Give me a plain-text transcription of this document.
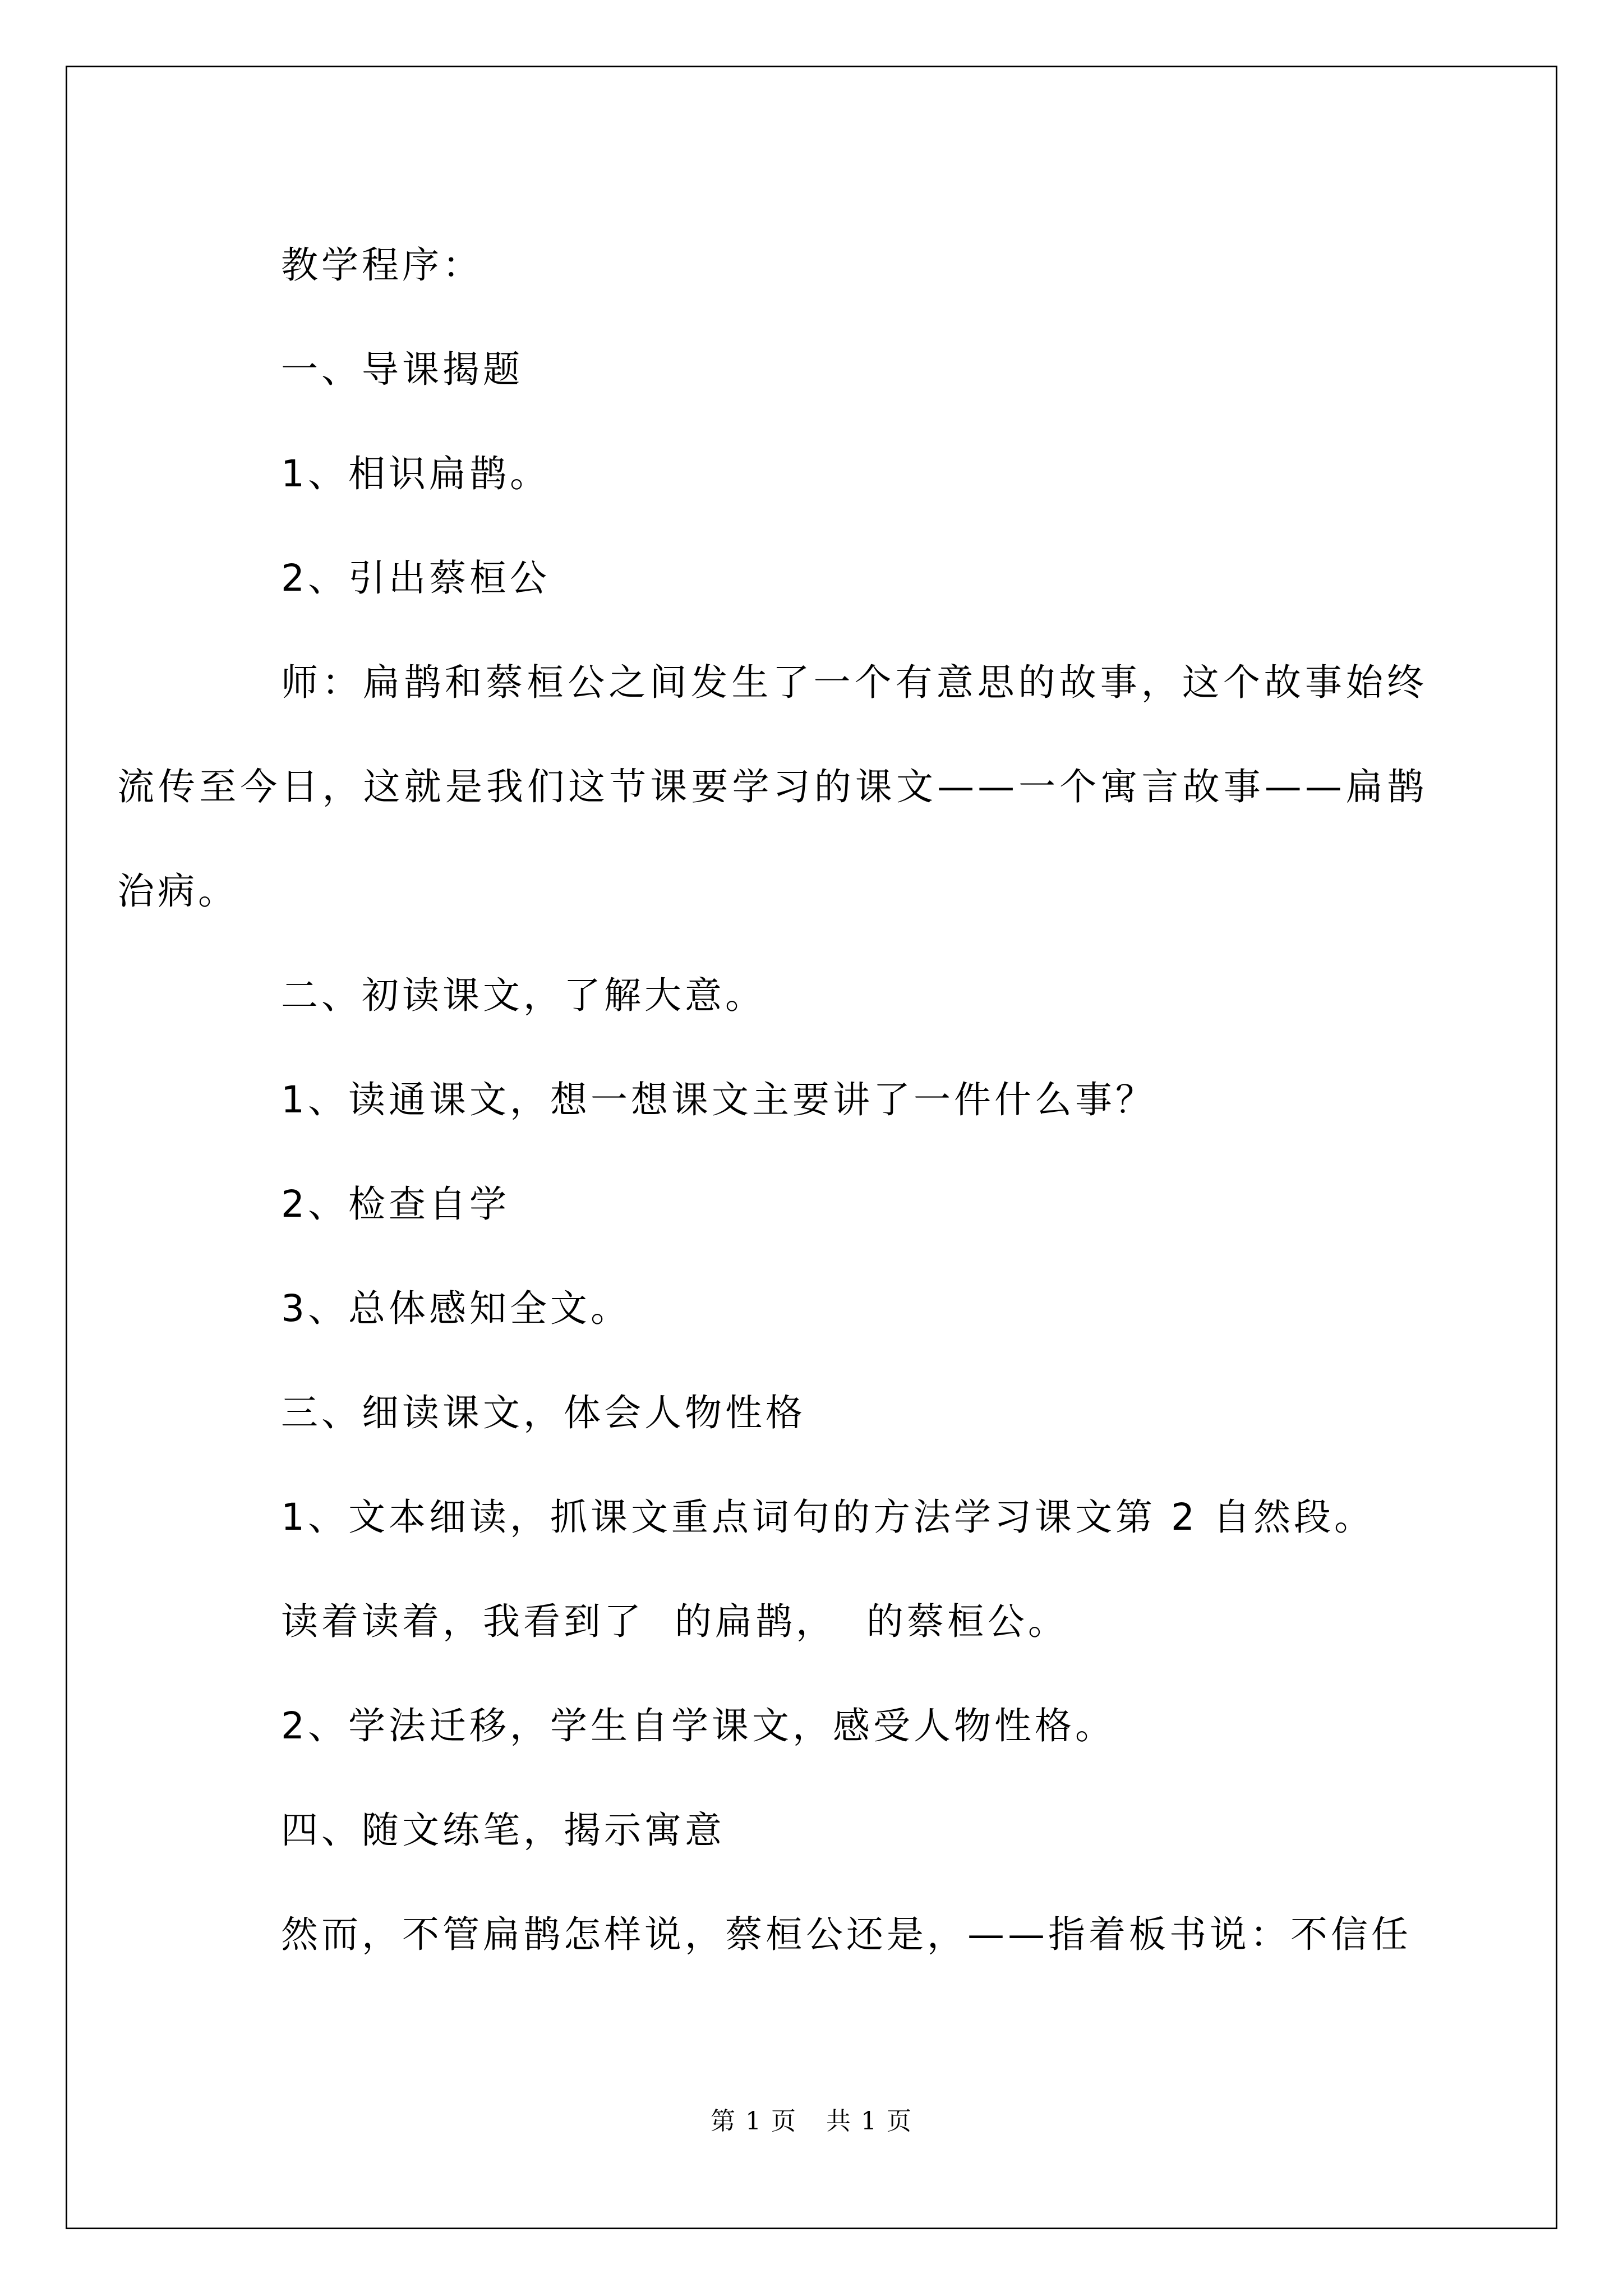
教学程序：

一、导课揭题

1、相识扁鹊。

2、引出蔡桓公

师：扁鹊和蔡桓公之间发生了一个有意思的故事，这个故事始终流传至今日，这就是我们这节课要学习的课文——一个寓言故事——扁鹊治病。

二、初读课文，了解大意。

1、读通课文，想一想课文主要讲了一件什么事？

2、检查自学

3、总体感知全文。

三、细读课文，体会人物性格

1、文本细读，抓课文重点词句的方法学习课文第 2 自然段。

读着读着，我看到了  的扁鹊，  的蔡桓公。

2、学法迁移，学生自学课文，感受人物性格。

四、随文练笔，揭示寓意

然而，不管扁鹊怎样说，蔡桓公还是，——指着板书说：不信任

第 1 页 共 1 页
